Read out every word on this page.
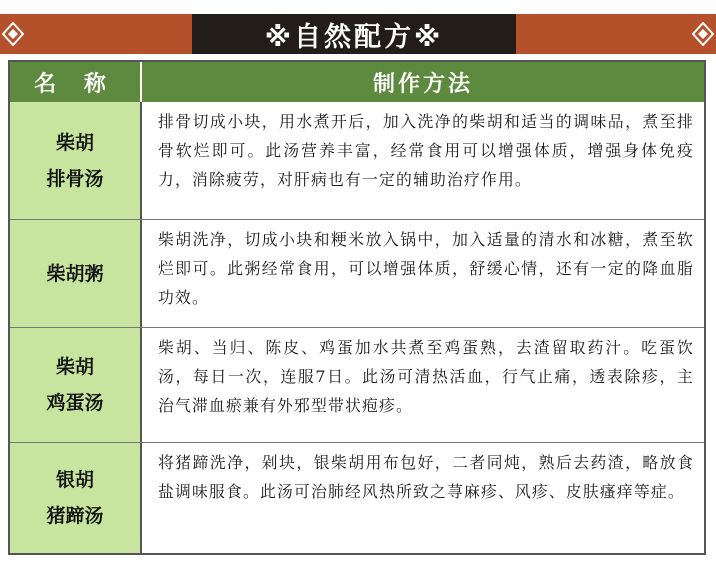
※自然配方※
名 称	制作方法
柴胡
排骨汤
排骨切成小块，用水煮开后，加入洗净的柴胡和适当的调味品，煮至排骨软烂即可。此汤营养丰富，经常食用可以增强体质，增强身体免疫力，消除疲劳，对肝病也有一定的辅助治疗作用。
柴胡粥
柴胡洗净，切成小块和粳米放入锅中，加入适量的清水和冰糖，煮至软烂即可。此粥经常食用，可以增强体质，舒缓心情，还有一定的降血脂功效。
柴胡
鸡蛋汤
柴胡、当归、陈皮、鸡蛋加水共煮至鸡蛋熟，去渣留取药汁。吃蛋饮汤，每日一次，连服7日。此汤可清热活血，行气止痛，透表除疹，主治气滞血瘀兼有外邪型带状疱疹。
银胡
猪蹄汤
将猪蹄洗净，剁块，银柴胡用布包好，二者同炖，熟后去药渣，略放食盐调味服食。此汤可治肺经风热所致之荨麻疹、风疹、皮肤瘙痒等症。
